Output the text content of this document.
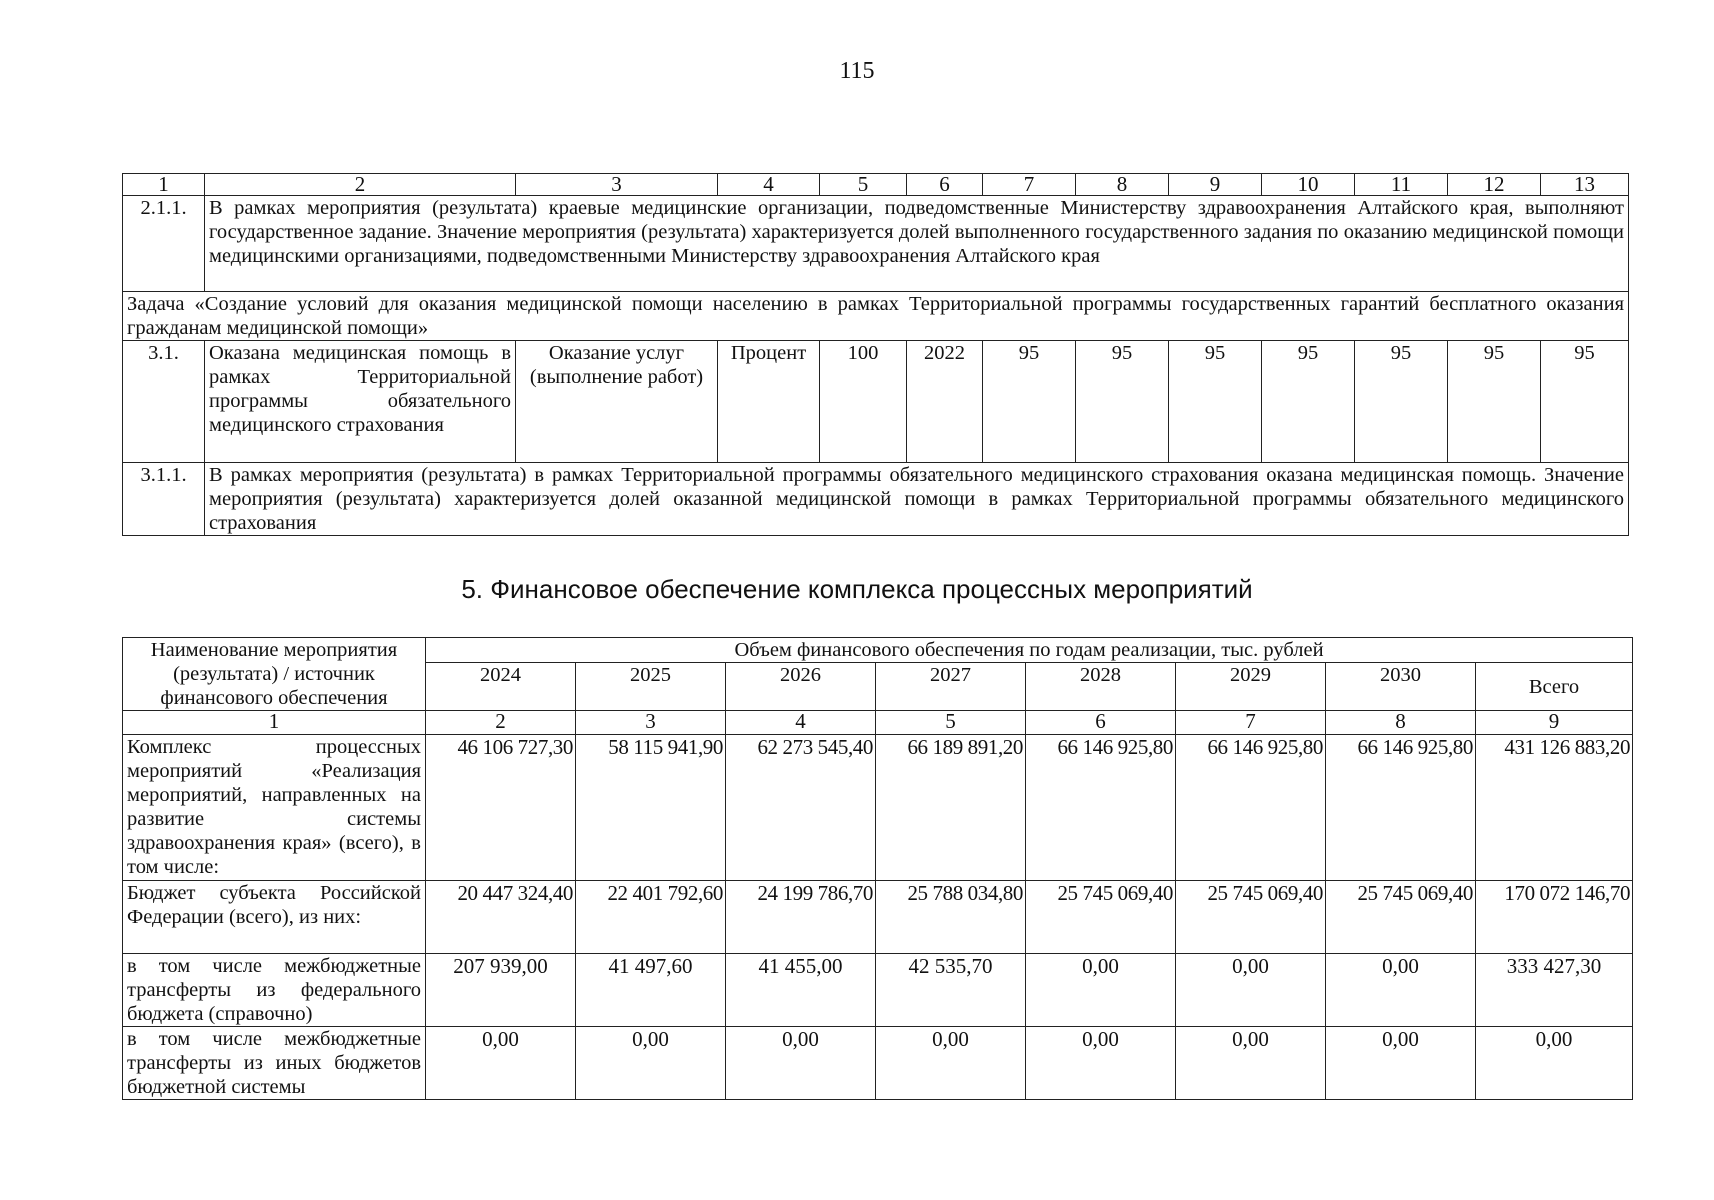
115
1	2	3	4	5	6	7	8	9	10	11	12	13
2.1.1.	В рамках мероприятия (результата) краевые медицинские организации, подведомственные Министерству здравоохранения Алтайского края, выполняют государственное задание. Значение мероприятия (результата) характеризуется долей выполненного государственного задания по оказанию медицинской помощи медицинскими организациями, подведомственными Министерству здравоохранения Алтайского края											
Задача «Создание условий для оказания медицинской помощи населению в рамках Территориальной программы государственных гарантий бесплатного оказания гражданам медицинской помощи»												
3.1.	Оказана медицинская помощь в рамках Территориальной программы обязательного медицинского страхования	Оказание услуг (выполнение работ)	Процент	100	2022	95	95	95	95	95	95	95
3.1.1.	В рамках мероприятия (результата) в рамках Территориальной программы обязательного медицинского страхования оказана медицинская помощь. Значение мероприятия (результата) характеризуется долей оказанной медицинской помощи в рамках Территориальной программы обязательного медицинского страхования											
5. Финансовое обеспечение комплекса процессных мероприятий
Наименование мероприятия (результата) / источник финансового обеспечения	Объем финансового обеспечения по годам реализации, тыс. рублей							
	2024	2025	2026	2027	2028	2029	2030	Всего
1	2	3	4	5	6	7	8	9
Комплекс процессных мероприятий «Реализация мероприятий, направленных на развитие системы здравоохранения края» (всего), в том числе:	46 106 727,30	58 115 941,90	62 273 545,40	66 189 891,20	66 146 925,80	66 146 925,80	66 146 925,80	431 126 883,20
Бюджет субъекта Российской Федерации (всего), из них:	20 447 324,40	22 401 792,60	24 199 786,70	25 788 034,80	25 745 069,40	25 745 069,40	25 745 069,40	170 072 146,70
в том числе межбюджетные трансферты из федерального бюджета (справочно)	207 939,00	41 497,60	41 455,00	42 535,70	0,00	0,00	0,00	333 427,30
в том числе межбюджетные трансферты из иных бюджетов бюджетной системы	0,00	0,00	0,00	0,00	0,00	0,00	0,00	0,00
